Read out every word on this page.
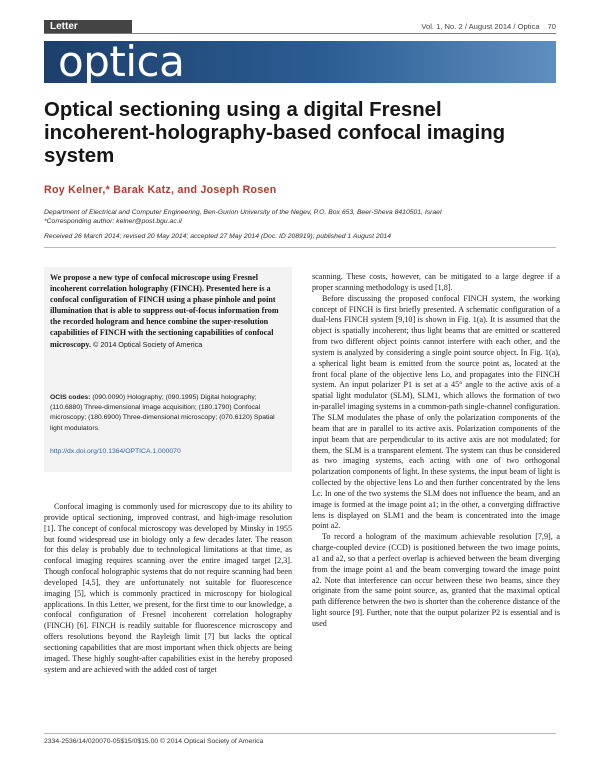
Letter	Vol. 1, No. 2 / August 2014 / Optica 70
optica
Optical sectioning using a digital Fresnel incoherent-holography-based confocal imaging system
Roy Kelner,* Barak Katz, and Joseph Rosen
Department of Electrical and Computer Engineering, Ben-Gurion University of the Negev, P.O. Box 653, Beer-Sheva 8410501, Israel
*Corresponding author: kelner@post.bgu.ac.il
Received 26 March 2014; revised 20 May 2014; accepted 27 May 2014 (Doc. ID 208919); published 1 August 2014

We propose a new type of confocal microscope using Fresnel incoherent correlation holography (FINCH). Presented here is a confocal configuration of FINCH using a phase pinhole and point illumination that is able to suppress out-of-focus information from the recorded hologram and hence combine the super-resolution capabilities of FINCH with the sectioning capabilities of confocal microscopy. © 2014 Optical Society of America

OCIS codes: (090.0090) Holography; (090.1995) Digital holography; (110.6880) Three-dimensional image acquisition; (180.1790) Confocal microscopy; (180.6900) Three-dimensional microscopy; (070.6120) Spatial light modulators.

http://dx.doi.org/10.1364/OPTICA.1.000070

Confocal imaging is commonly used for microscopy due to its ability to provide optical sectioning, improved contrast, and high-image resolution [1]. The concept of confocal microscopy was developed by Minsky in 1955 but found widespread use in biology only a few decades later. The reason for this delay is probably due to technological limitations at that time, as confocal imaging requires scanning over the entire imaged target [2,3]. Though confocal holographic systems that do not require scanning had been developed [4,5], they are unfortunately not suitable for fluorescence imaging [5], which is commonly practiced in microscopy for biological applications. In this Letter, we present, for the first time to our knowledge, a confocal configuration of Fresnel incoherent correlation holography (FINCH) [6]. FINCH is readily suitable for fluorescence microscopy and offers resolutions beyond the Rayleigh limit [7] but lacks the optical sectioning capabilities that are most important when thick objects are being imaged. These highly sought-after capabilities exist in the hereby proposed system and are achieved with the added cost of target

scanning. These costs, however, can be mitigated to a large degree if a proper scanning methodology is used [1,8].

Before discussing the proposed confocal FINCH system, the working concept of FINCH is first briefly presented. A schematic configuration of a dual-lens FINCH system [9,10] is shown in Fig. 1(a). It is assumed that the object is spatially incoherent; thus light beams that are emitted or scattered from two different object points cannot interfere with each other, and the system is analyzed by considering a single point source object. In Fig. 1(a), a spherical light beam is emitted from the source point as, located at the front focal plane of the objective lens Lo, and propagates into the FINCH system. An input polarizer P1 is set at a 45° angle to the active axis of a spatial light modulator (SLM), SLM1, which allows the formation of two in-parallel imaging systems in a common-path single-channel configuration. The SLM modulates the phase of only the polarization components of the beam that are in parallel to its active axis. Polarization components of the input beam that are perpendicular to its active axis are not modulated; for them, the SLM is a transparent element. The system can thus be considered as two imaging systems, each acting with one of two orthogonal polarization components of light. In these systems, the input beam of light is collected by the objective lens Lo and then further concentrated by the lens Lc. In one of the two systems the SLM does not influence the beam, and an image is formed at the image point a1; in the other, a converging diffractive lens is displayed on SLM1 and the beam is concentrated into the image point a2.

To record a hologram of the maximum achievable resolution [7,9], a charge-coupled device (CCD) is positioned between the two image points, a1 and a2, so that a perfect overlap is achieved between the beam diverging from the image point a1 and the beam converging toward the image point a2. Note that interference can occur between these two beams, since they originate from the same point source, as, granted that the maximal optical path difference between the two is shorter than the coherence distance of the light source [9]. Further, note that the output polarizer P2 is essential and is used

2334-2536/14/020070-05$15/0$15.00 © 2014 Optical Society of America
